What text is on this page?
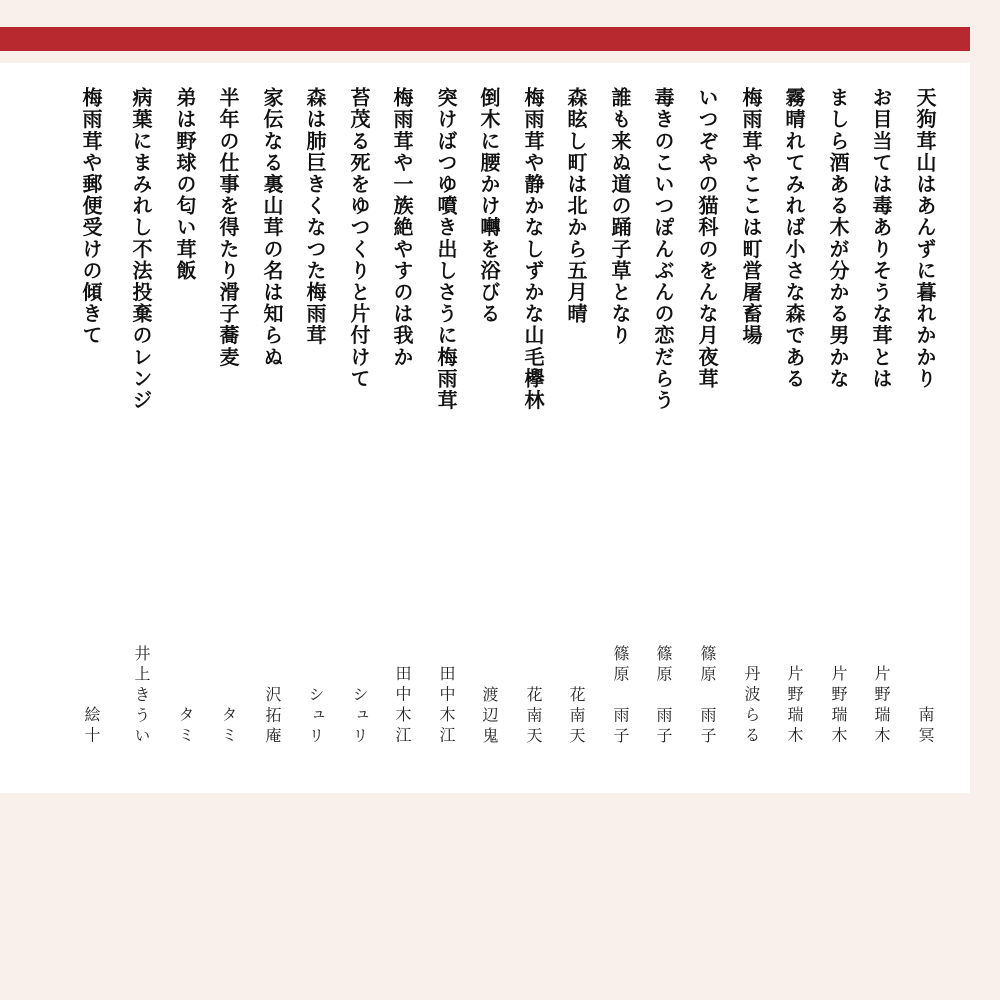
天狗茸山はあんずに暮れかかり
南冥
お目当ては毒ありそうな茸とは
片野瑞木
ましら酒ある木が分かる男かな
片野瑞木
霧晴れてみれば小さな森である
片野瑞木
梅雨茸やここは町営屠畜場
丹波らる
いつぞやの猫科のをんな月夜茸
篠原　雨子
毒きのこいつぽんぶんの恋だらう
篠原　雨子
誰も来ぬ道の踊子草となり
篠原　雨子
森眩し町は北から五月晴
花南天
梅雨茸や静かなしずかな山毛欅林
花南天
倒木に腰かけ囀を浴びる
渡辺鬼
突けばつゆ噴き出しさうに梅雨茸
田中木江
梅雨茸や一族絶やすのは我か
田中木江
苔茂る死をゆつくりと片付けて
シュリ
森は肺巨きくなつた梅雨茸
シュリ
家伝なる裏山茸の名は知らぬ
沢拓庵
半年の仕事を得たり滑子蕎麦
タミ
弟は野球の匂い茸飯
タミ
病葉にまみれし不法投棄のレンジ
井上きうい
梅雨茸や郵便受けの傾きて
絵十
